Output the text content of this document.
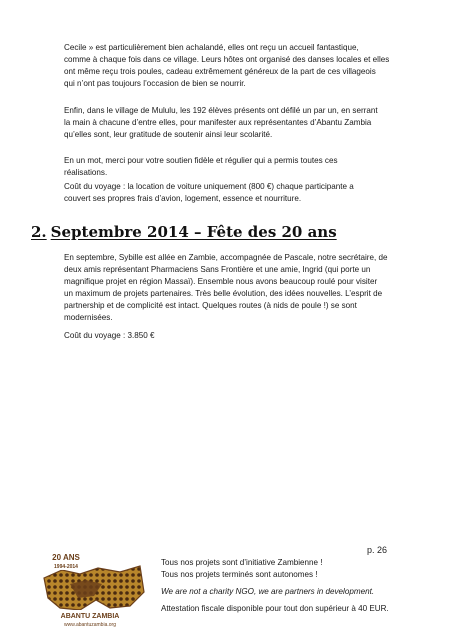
Cecile » est particulièrement bien achalandé, elles ont reçu un accueil fantastique,
comme à chaque fois dans ce village. Leurs hôtes ont organisé des danses locales et elles
ont même reçu trois poules, cadeau extrêmement généreux de la part de ces villageois
qui n’ont pas toujours l’occasion de bien se nourrir.

Enfin, dans le village de Mululu, les 192 élèves présents ont défilé un par un, en serrant
la main à chacune d’entre elles, pour manifester aux représentantes d’Abantu Zambia
qu’elles sont, leur gratitude de soutenir ainsi leur scolarité.

En un mot, merci pour votre soutien fidèle et régulier qui a permis toutes ces
réalisations.

Coût du voyage : la location de voiture uniquement (800 €) chaque participante a
couvert ses propres frais d’avion, logement, essence et nourriture.

2. Septembre 2014 – Fête des 20 ans

En septembre, Sybille est allée en Zambie, accompagnée de Pascale, notre secrétaire, de
deux amis représentant Pharmaciens Sans Frontière et une amie, Ingrid (qui porte un
magnifique projet en région Massaï). Ensemble nous avons beaucoup roulé pour visiter
un maximum de projets partenaires. Très belle évolution, des idées nouvelles. L’esprit de
partnership et de complicité est intact. Quelques routes (à nids de poule !) se sont
modernisées.

Coût du voyage : 3.850 €

20 ANS
1994-2014
ABANTU ZAMBIA
www.abantuzambia.org
p. 26

Tous nos projets sont d’initiative Zambienne !

Tous nos projets terminés sont autonomes !

We are not a charity NGO, we are partners in development.

Attestation fiscale disponible pour tout don supérieur à 40 EUR.
